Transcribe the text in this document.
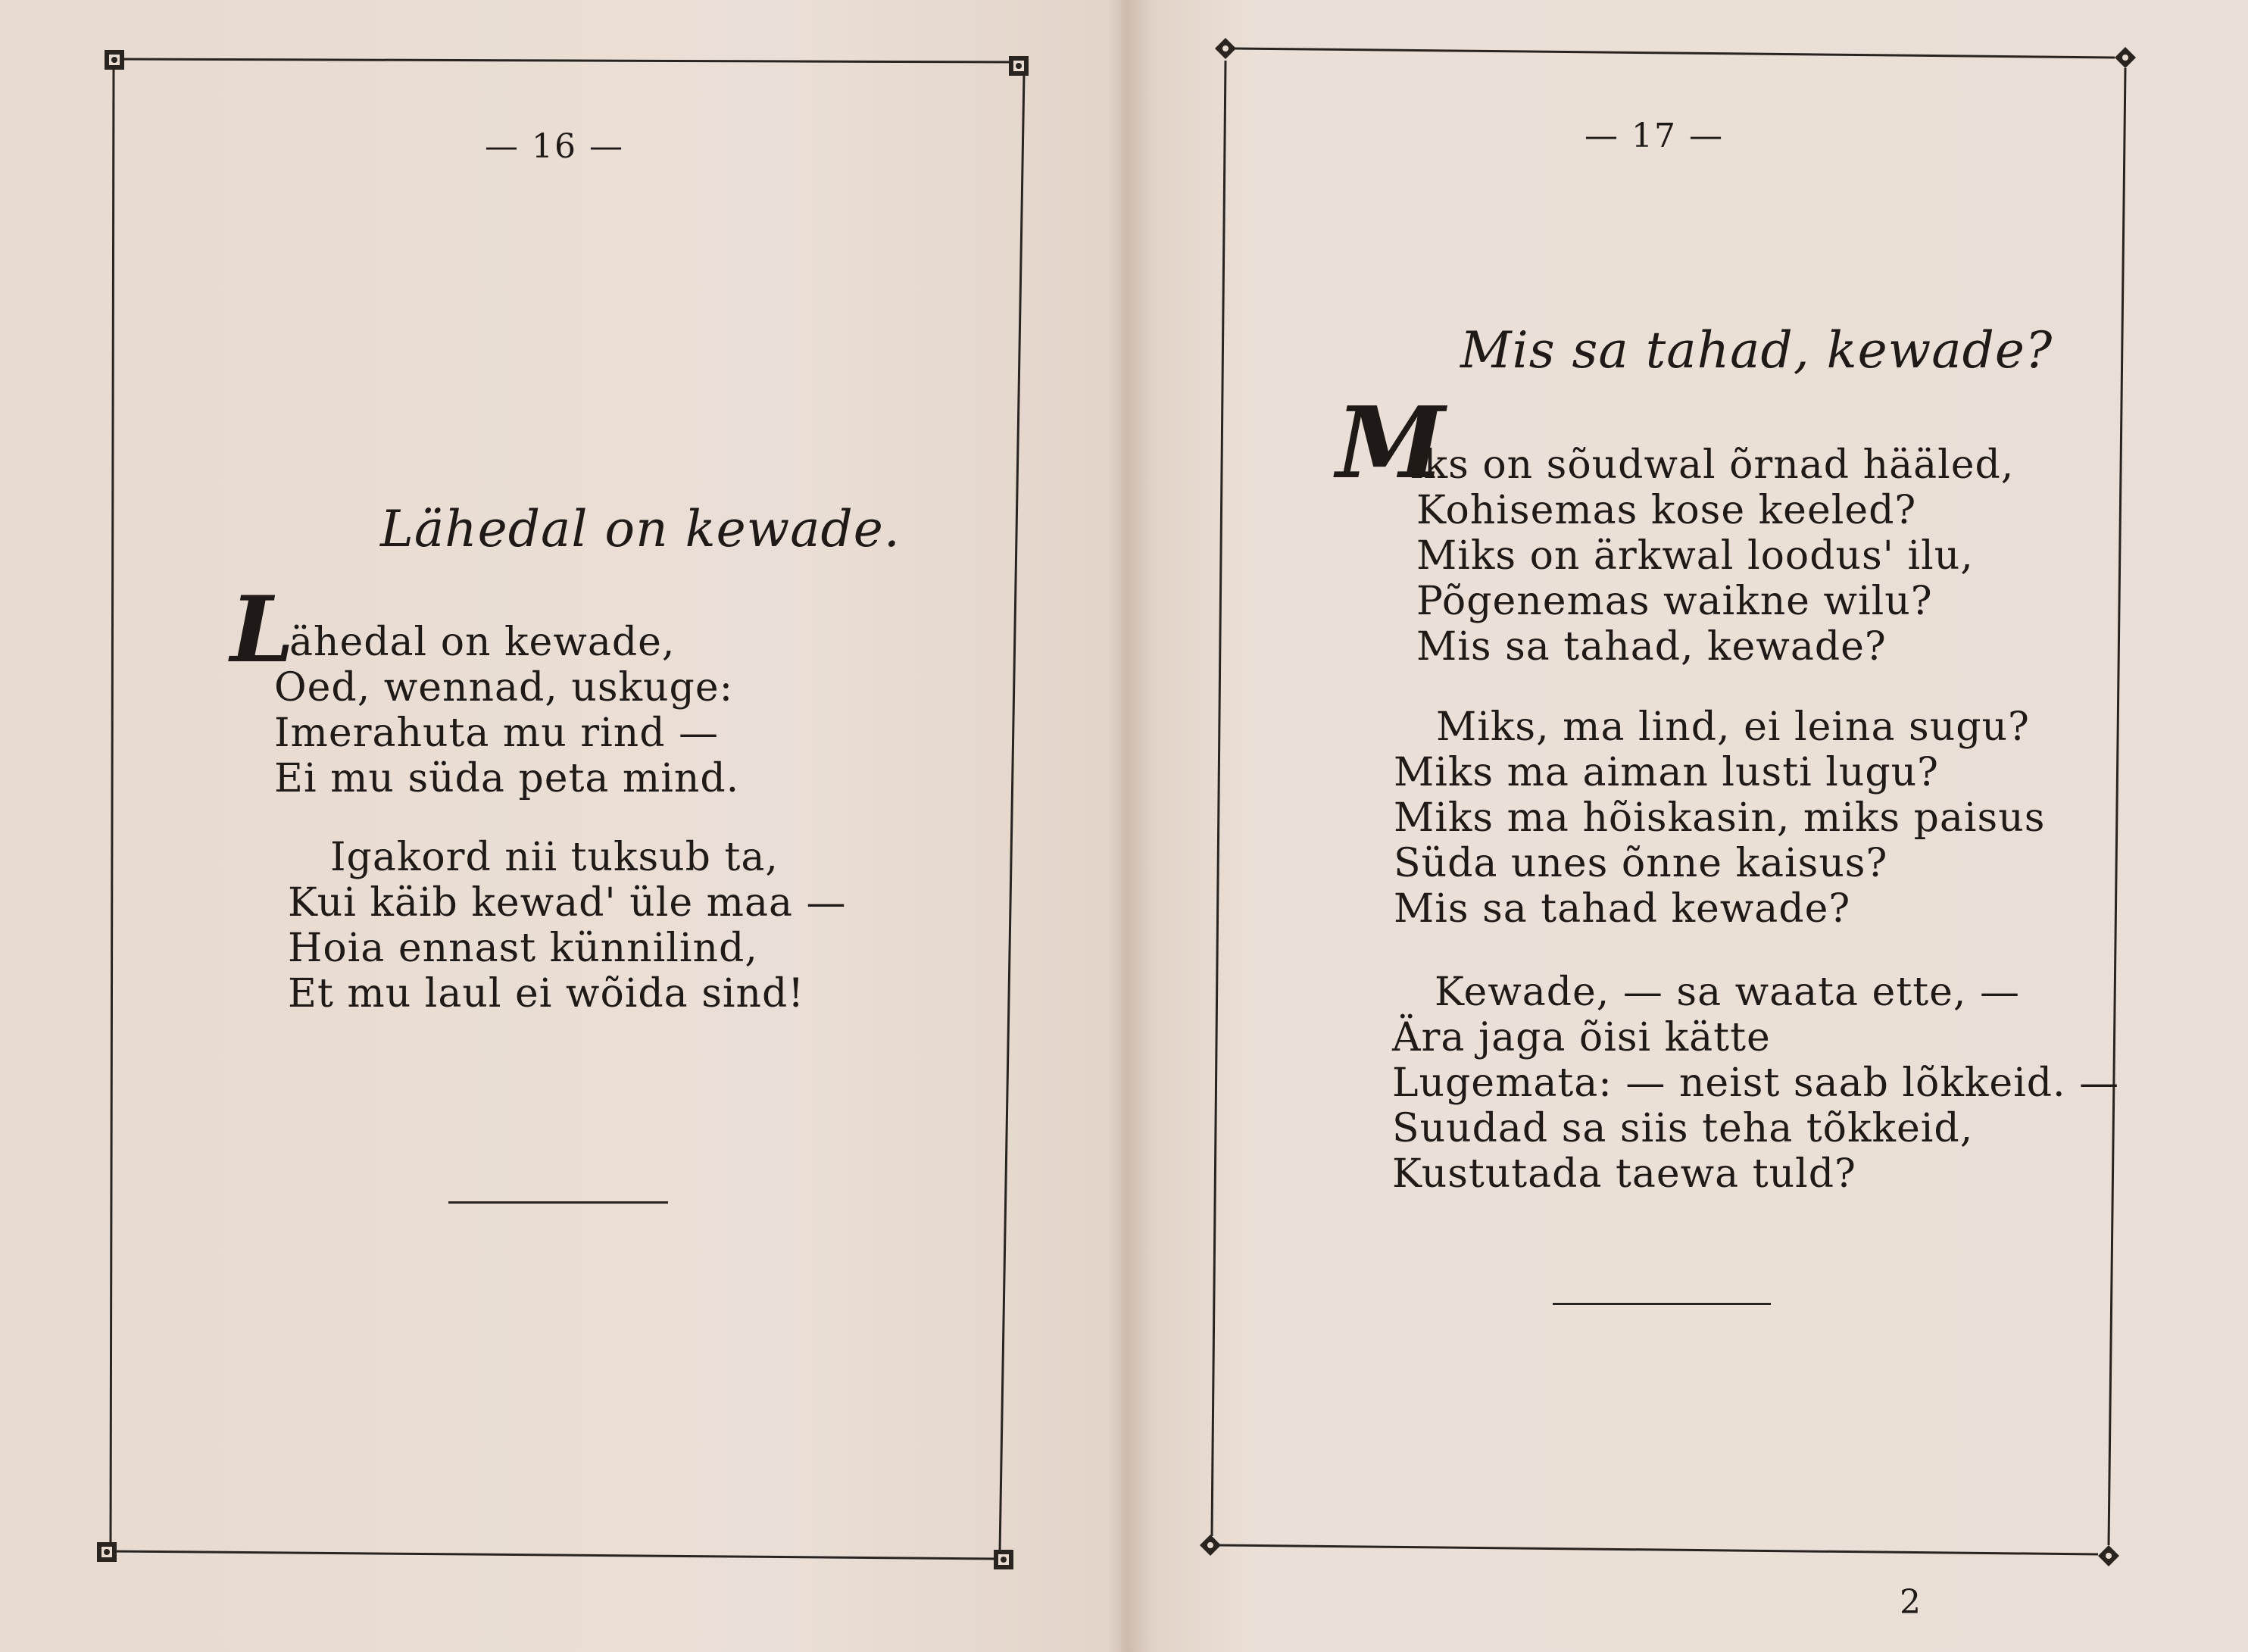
— 16 —
Lähedal on kewade.
L
ähedal on kewade,
Oed, wennad, uskuge:
Imerahuta mu rind —
Ei mu süda peta mind.
Igakord nii tuksub ta,
Kui käib kewad' üle maa —
Hoia ennast künnilind,
Et mu laul ei wõida sind!
— 17 —
Mis sa tahad, kewade?
M
iks on sõudwal õrnad hääled,
Kohisemas kose keeled?
Miks on ärkwal loodus' ilu,
Põgenemas waikne wilu?
Mis sa tahad, kewade?
Miks, ma lind, ei leina sugu?
Miks ma aiman lusti lugu?
Miks ma hõiskasin, miks paisus
Süda unes õnne kaisus?
Mis sa tahad kewade?
Kewade, — sa waata ette, —
Ära jaga õisi kätte
Lugemata: — neist saab lõkkeid. —
Suudad sa siis teha tõkkeid,
Kustutada taewa tuld?
2
